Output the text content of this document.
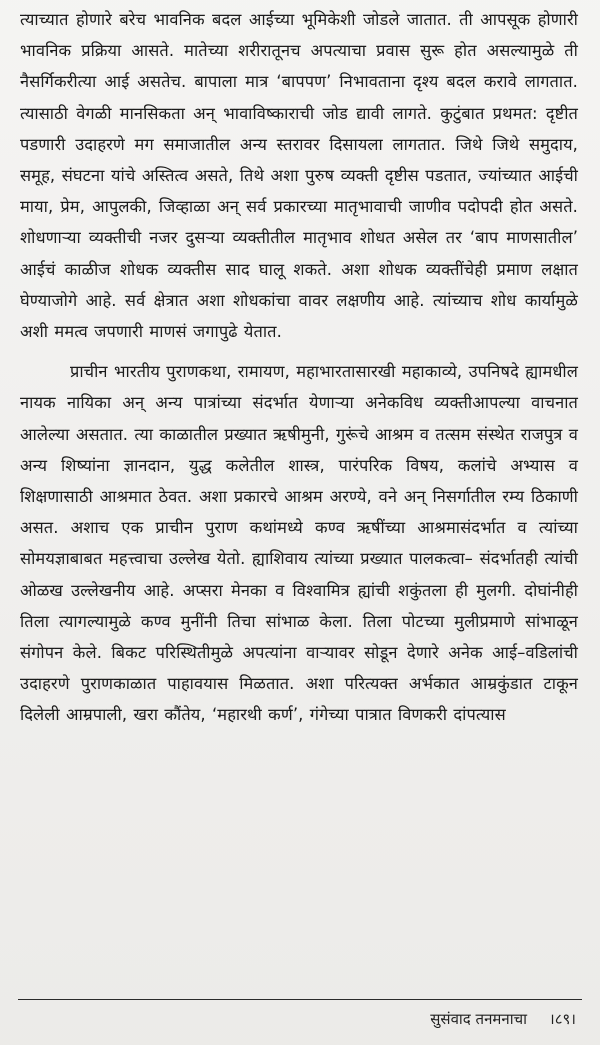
त्याच्यात होणारे बरेच भावनिक बदल आईच्या भूमिकेशी जोडले जातात. ती आपसूक होणारी भावनिक प्रक्रिया आसते. मातेच्या शरीरातूनच अपत्याचा प्रवास सुरू होत असल्यामुळे ती नैसर्गिकरीत्या आई असतेच. बापाला मात्र ‘बापपण’ निभावताना दृश्य बदल करावे लागतात. त्यासाठी वेगळी मानसिकता अन् भावाविष्काराची जोड द्यावी लागते. कुटुंबात प्रथमत: दृष्टीत पडणारी उदाहरणे मग समाजातील अन्य स्तरावर दिसायला लागतात. जिथे जिथे समुदाय, समूह, संघटना यांचे अस्तित्व असते, तिथे अशा पुरुष व्यक्ती दृष्टीस पडतात, ज्यांच्यात आईची माया, प्रेम, आपुलकी, जिव्हाळा अन् सर्व प्रकारच्या मातृभावाची जाणीव पदोपदी होत असते. शोधणाऱ्या व्यक्तीची नजर दुसऱ्या व्यक्तीतील मातृभाव शोधत असेल तर ‘बाप माणसातील’ आईचं काळीज शोधक व्यक्तीस साद घालू शकते. अशा शोधक व्यक्तींचेही प्रमाण लक्षात घेण्याजोगे आहे. सर्व क्षेत्रात अशा शोधकांचा वावर लक्षणीय आहे. त्यांच्याच शोध कार्यामुळे अशी ममत्व जपणारी माणसं जगापुढे येतात.

प्राचीन भारतीय पुराणकथा, रामायण, महाभारतासारखी महाकाव्ये, उपनिषदे ह्यामधील नायक नायिका अन् अन्य पात्रांच्या संदर्भात येणाऱ्या अनेकविध व्यक्तीआपल्या वाचनात आलेल्या असतात. त्या काळातील प्रख्यात ऋषीमुनी, गुरूंचे आश्रम व तत्सम संस्थेत राजपुत्र व अन्य शिष्यांना ज्ञानदान, युद्ध कलेतील शास्त्र, पारंपरिक विषय, कलांचे अभ्यास व शिक्षणासाठी आश्रमात ठेवत. अशा प्रकारचे आश्रम अरण्ये, वने अन् निसर्गातील रम्य ठिकाणी असत. अशाच एक प्राचीन पुराण कथांमध्ये कण्व ऋषींच्या आश्रमासंदर्भात व त्यांच्या सोमयज्ञाबाबत महत्त्वाचा उल्लेख येतो. ह्याशिवाय त्यांच्या प्रख्यात पालकत्वा– संदर्भातही त्यांची ओळख उल्लेखनीय आहे. अप्सरा मेनका व विश्वामित्र ह्यांची शकुंतला ही मुलगी. दोघांनीही तिला त्यागल्यामुळे कण्व मुनींनी तिचा सांभाळ केला. तिला पोटच्या मुलीप्रमाणे सांभाळून संगोपन केले. बिकट परिस्थितीमुळे अपत्यांना वाऱ्यावर सोडून देणारे अनेक आई–वडिलांची उदाहरणे पुराणकाळात पाहावयास मिळतात. अशा परित्यक्त अर्भकात आम्रकुंडात टाकून दिलेली आम्रपाली, खरा कौंतेय, ‘महारथी कर्ण’, गंगेच्या पात्रात विणकरी दांपत्यास

सुसंवाद तनमनाचा ।८९।
